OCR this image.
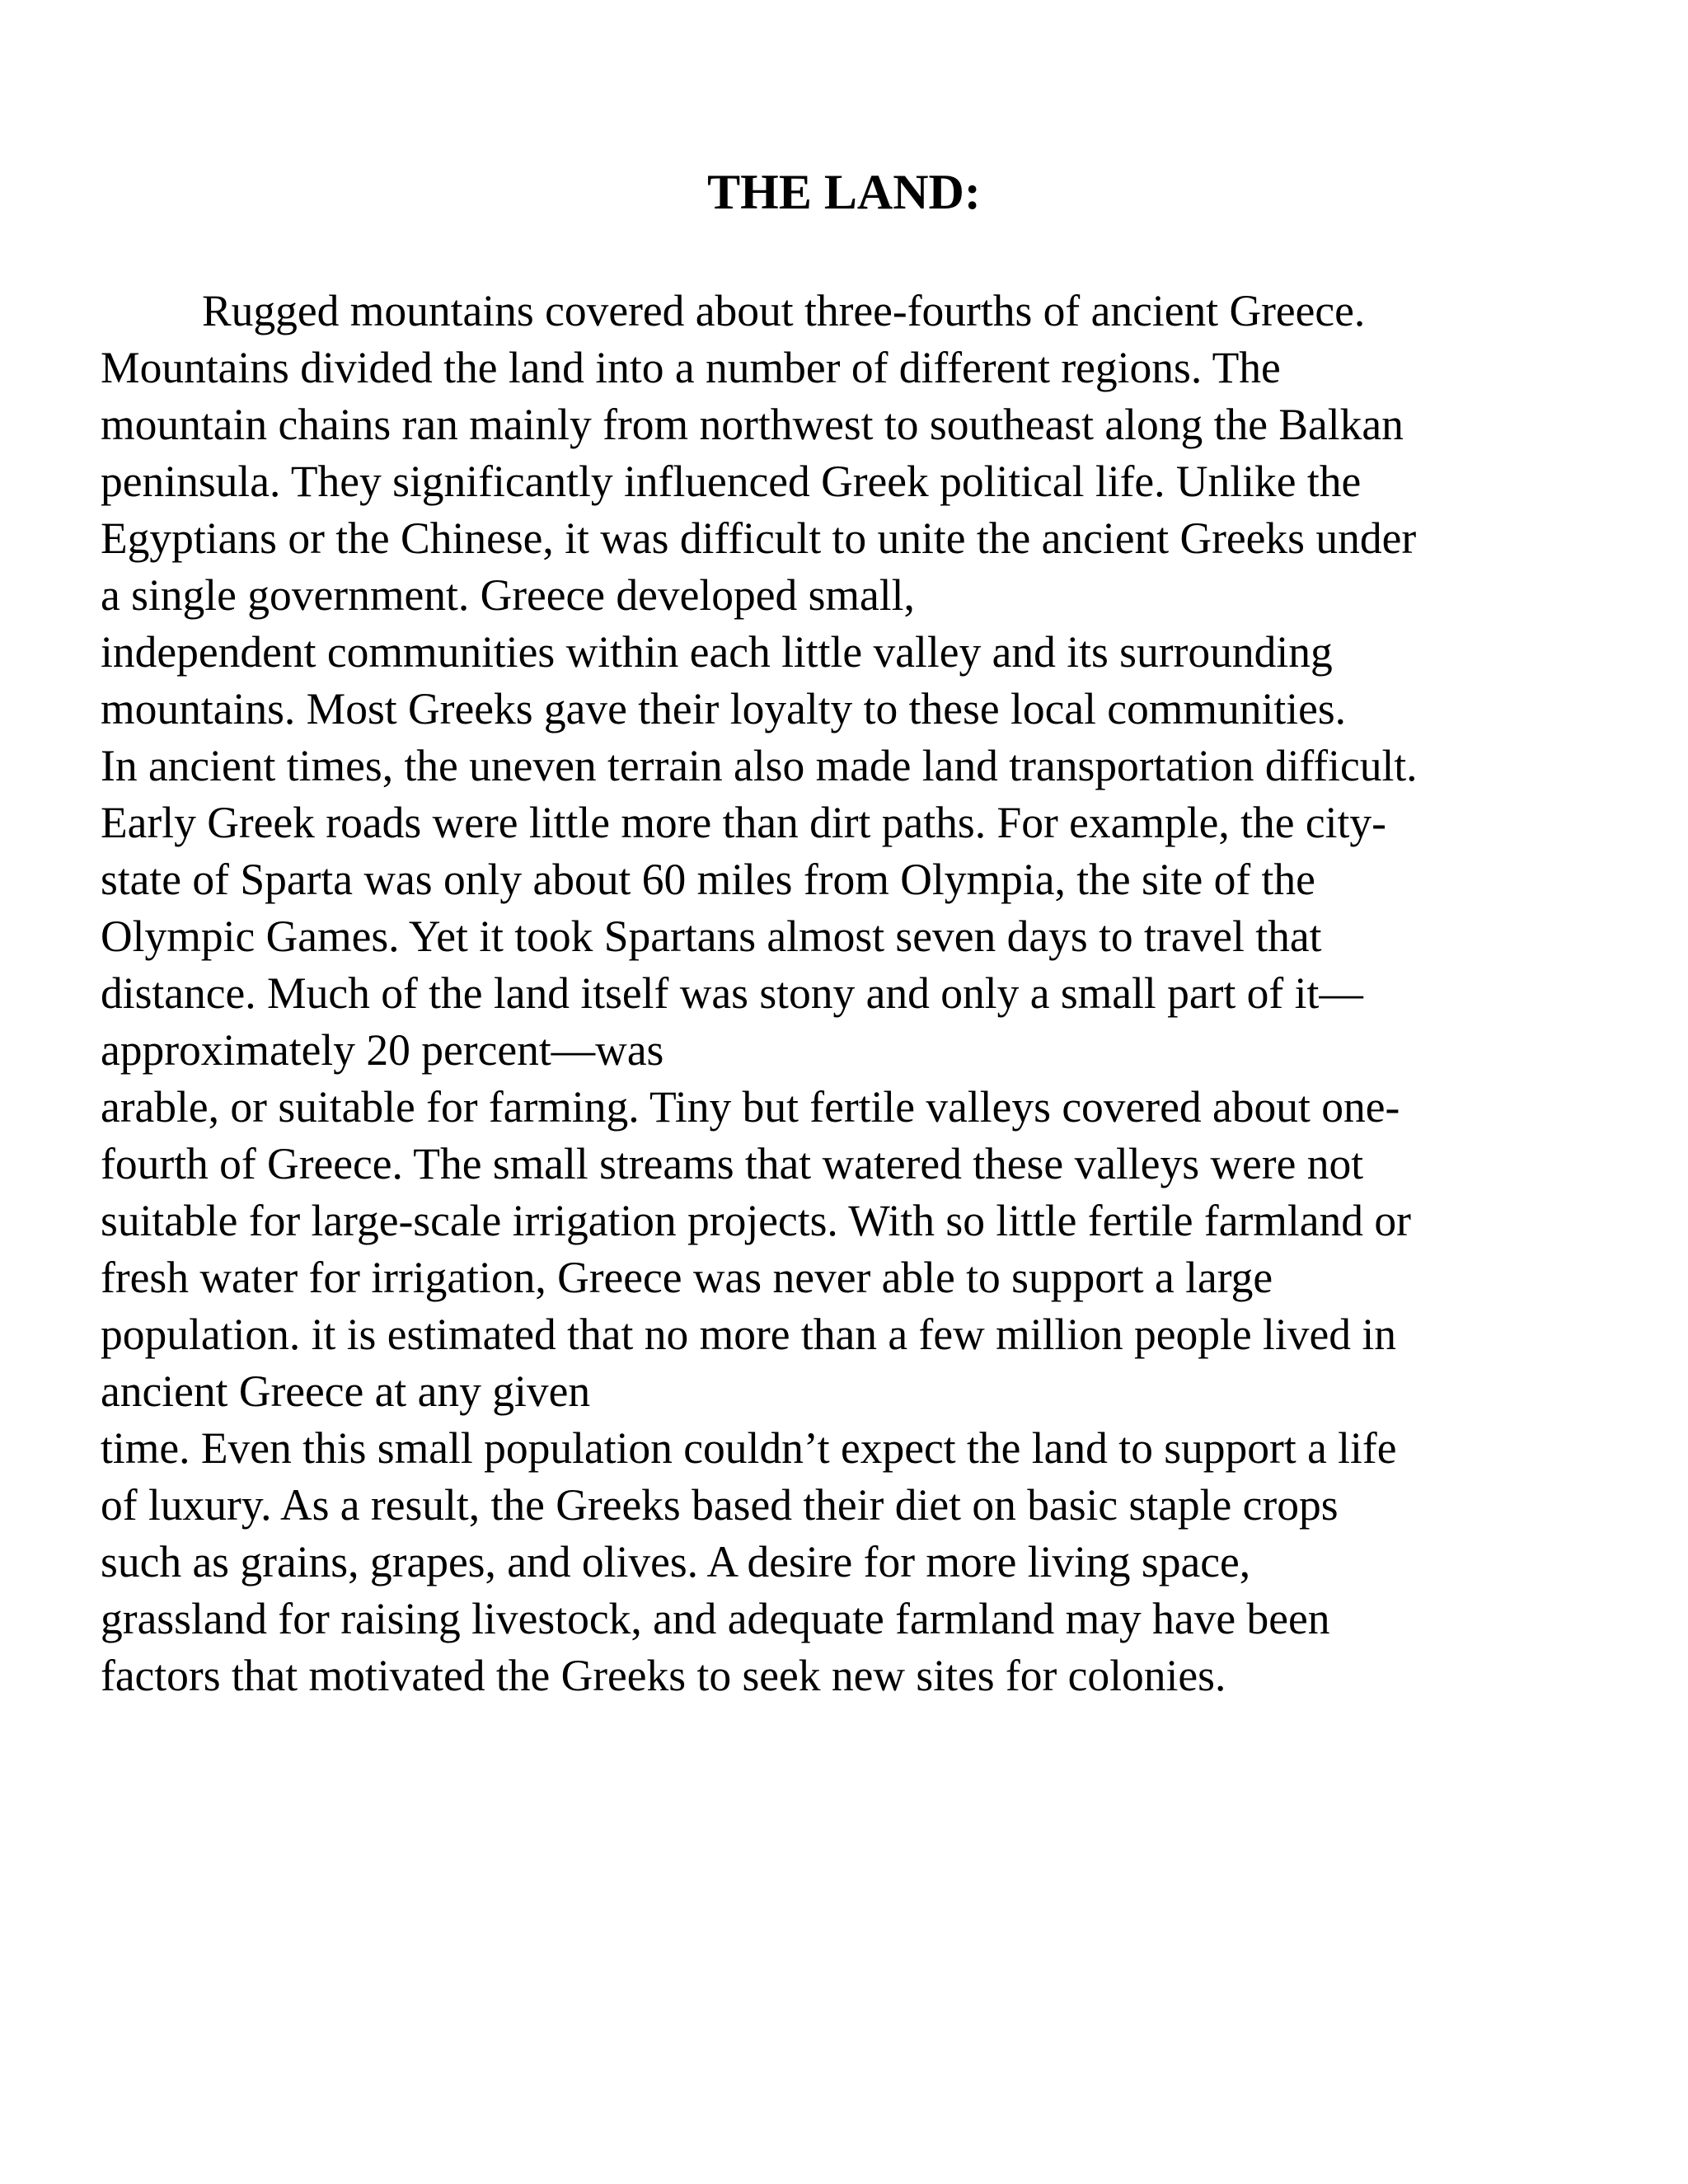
THE LAND:
Rugged mountains covered about three-fourths of ancient Greece.
Mountains divided the land into a number of different regions. The
mountain chains ran mainly from northwest to southeast along the Balkan
peninsula. They significantly influenced Greek political life. Unlike the
Egyptians or the Chinese, it was difficult to unite the ancient Greeks under
a single government. Greece developed small,
independent communities within each little valley and its surrounding
mountains. Most Greeks gave their loyalty to these local communities.
In ancient times, the uneven terrain also made land transportation difficult.
Early Greek roads were little more than dirt paths. For example, the city-
state of Sparta was only about 60 miles from Olympia, the site of the
Olympic Games. Yet it took Spartans almost seven days to travel that
distance. Much of the land itself was stony and only a small part of it—
approximately 20 percent—was
arable, or suitable for farming. Tiny but fertile valleys covered about one-
fourth of Greece. The small streams that watered these valleys were not
suitable for large-scale irrigation projects. With so little fertile farmland or
fresh water for irrigation, Greece was never able to support a large
population. it is estimated that no more than a few million people lived in
ancient Greece at any given
time. Even this small population couldn’t expect the land to support a life
of luxury. As a result, the Greeks based their diet on basic staple crops
such as grains, grapes, and olives. A desire for more living space,
grassland for raising livestock, and adequate farmland may have been
factors that motivated the Greeks to seek new sites for colonies.
